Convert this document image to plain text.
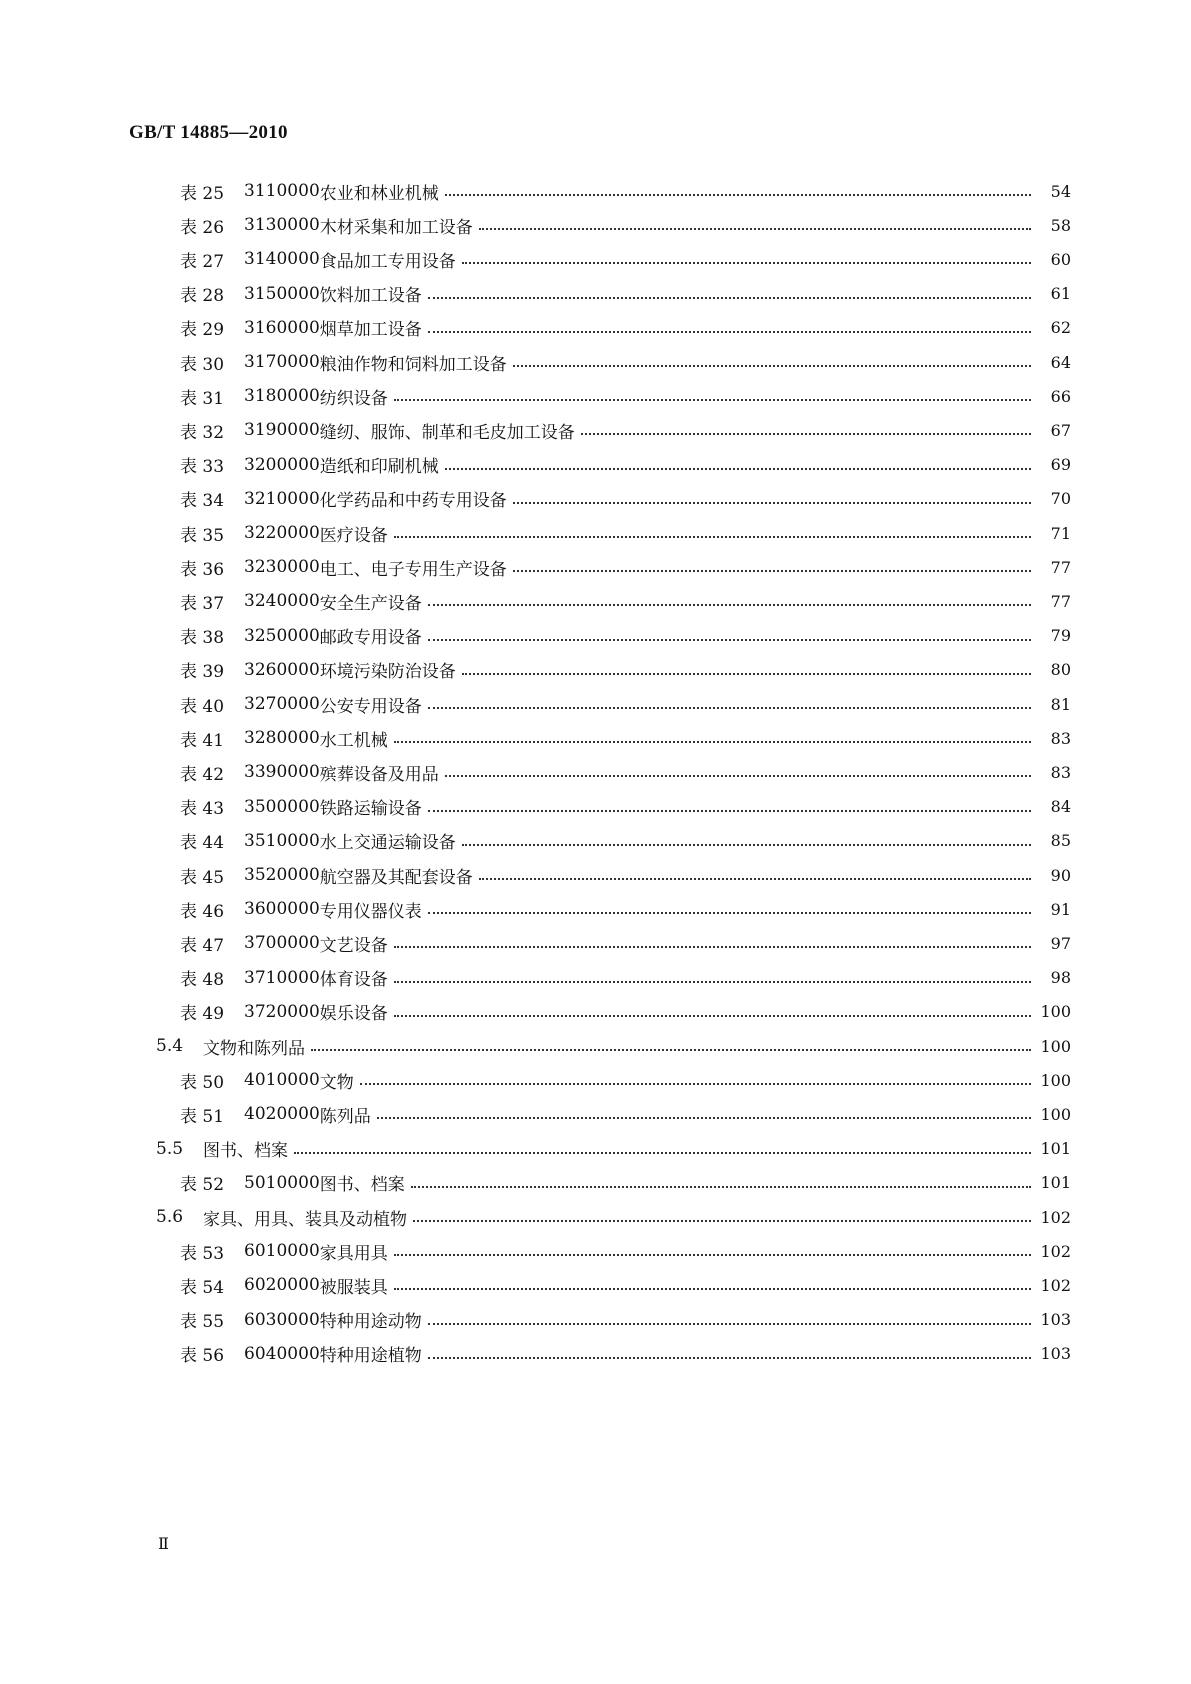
GB/T 14885—2010
表 25 3110000 农业和林业机械	54
表 26 3130000 木材采集和加工设备	58
表 27 3140000 食品加工专用设备	60
表 28 3150000 饮料加工设备	61
表 29 3160000 烟草加工设备	62
表 30 3170000 粮油作物和饲料加工设备	64
表 31 3180000 纺织设备	66
表 32 3190000 缝纫、服饰、制革和毛皮加工设备	67
表 33 3200000 造纸和印刷机械	69
表 34 3210000 化学药品和中药专用设备	70
表 35 3220000 医疗设备	71
表 36 3230000 电工、电子专用生产设备	77
表 37 3240000 安全生产设备	77
表 38 3250000 邮政专用设备	79
表 39 3260000 环境污染防治设备	80
表 40 3270000 公安专用设备	81
表 41 3280000 水工机械	83
表 42 3390000 殡葬设备及用品	83
表 43 3500000 铁路运输设备	84
表 44 3510000 水上交通运输设备	85
表 45 3520000 航空器及其配套设备	90
表 46 3600000 专用仪器仪表	91
表 47 3700000 文艺设备	97
表 48 3710000 体育设备	98
表 49 3720000 娱乐设备	100
5.4 文物和陈列品	100
表 50 4010000 文物	100
表 51 4020000 陈列品	100
5.5 图书、档案	101
表 52 5010000 图书、档案	101
5.6 家具、用具、装具及动植物	102
表 53 6010000 家具用具	102
表 54 6020000 被服装具	102
表 55 6030000 特种用途动物	103
表 56 6040000 特种用途植物	103
Ⅱ
